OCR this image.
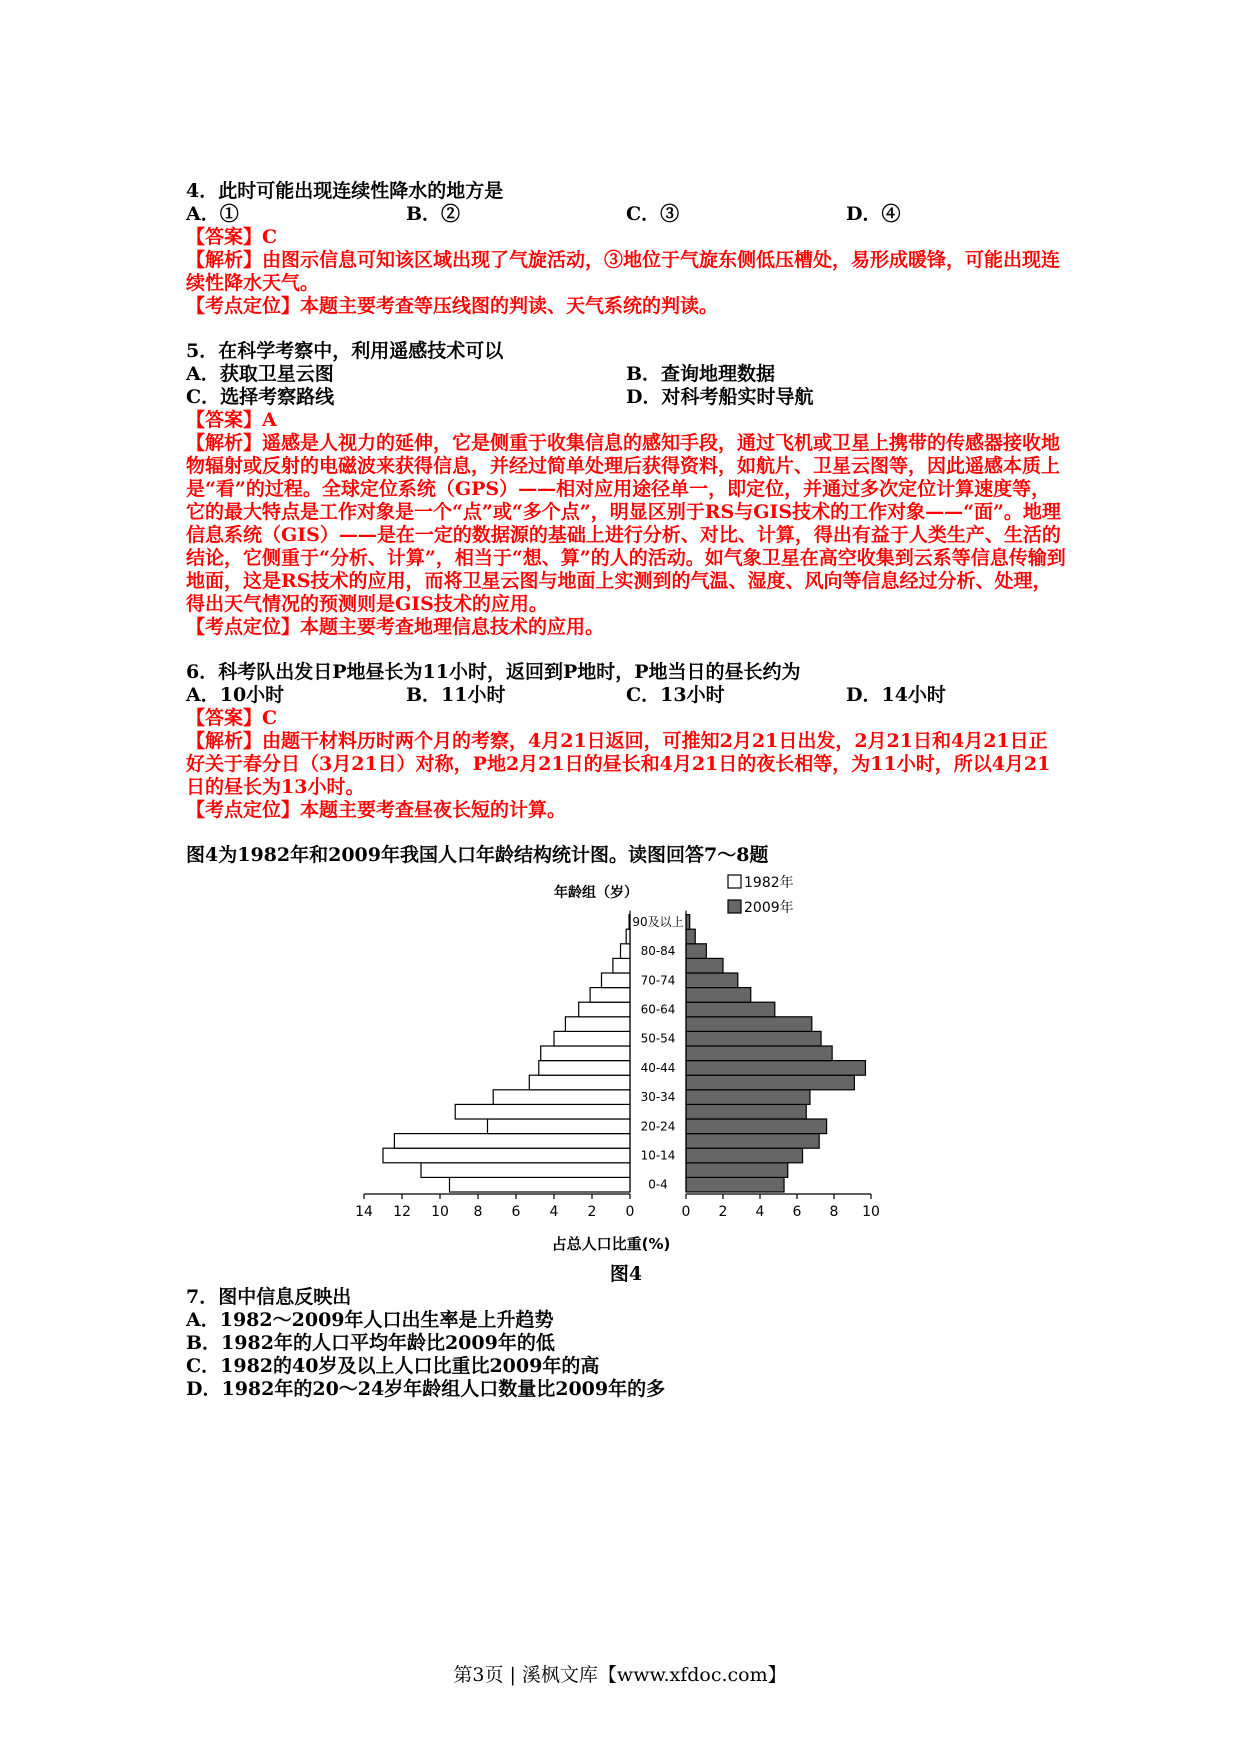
4．此时可能出现连续性降水的地方是
A．①	B．②	C．③	D．④
【答案】C
【解析】由图示信息可知该区域出现了气旋活动，③地位于气旋东侧低压槽处，易形成暖锋，可能出现连续性降水天气。
【考点定位】本题主要考查等压线图的判读、天气系统的判读。
5．在科学考察中，利用遥感技术可以
A．获取卫星云图	B．查询地理数据
C．选择考察路线	D．对科考船实时导航
【答案】A
【解析】遥感是人视力的延伸，它是侧重于收集信息的感知手段，通过飞机或卫星上携带的传感器接收地物辐射或反射的电磁波来获得信息，并经过简单处理后获得资料，如航片、卫星云图等，因此遥感本质上是“看”的过程。全球定位系统（GPS）——相对应用途径单一，即定位，并通过多次定位计算速度等，它的最大特点是工作对象是一个“点”或“多个点”，明显区别于RS与GIS技术的工作对象——“面”。地理信息系统（GIS）——是在一定的数据源的基础上进行分析、对比、计算，得出有益于人类生产、生活的结论，它侧重于“分析、计算”，相当于“想、算”的人的活动。如气象卫星在高空收集到云系等信息传输到地面，这是RS技术的应用，而将卫星云图与地面上实测到的气温、湿度、风向等信息经过分析、处理，得出天气情况的预测则是GIS技术的应用。
【考点定位】本题主要考查地理信息技术的应用。
6．科考队出发日P地昼长为11小时，返回到P地时，P地当日的昼长约为
A．10小时	B．11小时	C．13小时	D．14小时
【答案】C
【解析】由题干材料历时两个月的考察，4月21日返回，可推知2月21日出发，2月21日和4月21日正好关于春分日（3月21日）对称，P地2月21日的昼长和4月21日的夜长相等，为11小时，所以4月21日的昼长为13小时。
【考点定位】本题主要考查昼夜长短的计算。
图4为1982年和2009年我国人口年龄结构统计图。读图回答7～8题
0-4
10-14
20-24
30-34
40-44
50-54
60-64
70-74
80-84
90及以上
14 12 10 8 6 4 2 0	0 2 4 6 8 10
年龄组（岁）
1982年
2009年
占总人口比重(%)
图4
7．图中信息反映出
A．1982～2009年人口出生率是上升趋势
B．1982年的人口平均年龄比2009年的低
C．1982的40岁及以上人口比重比2009年的高
D．1982年的20～24岁年龄组人口数量比2009年的多
第3页 | 溪枫文库【www.xfdoc.com】
